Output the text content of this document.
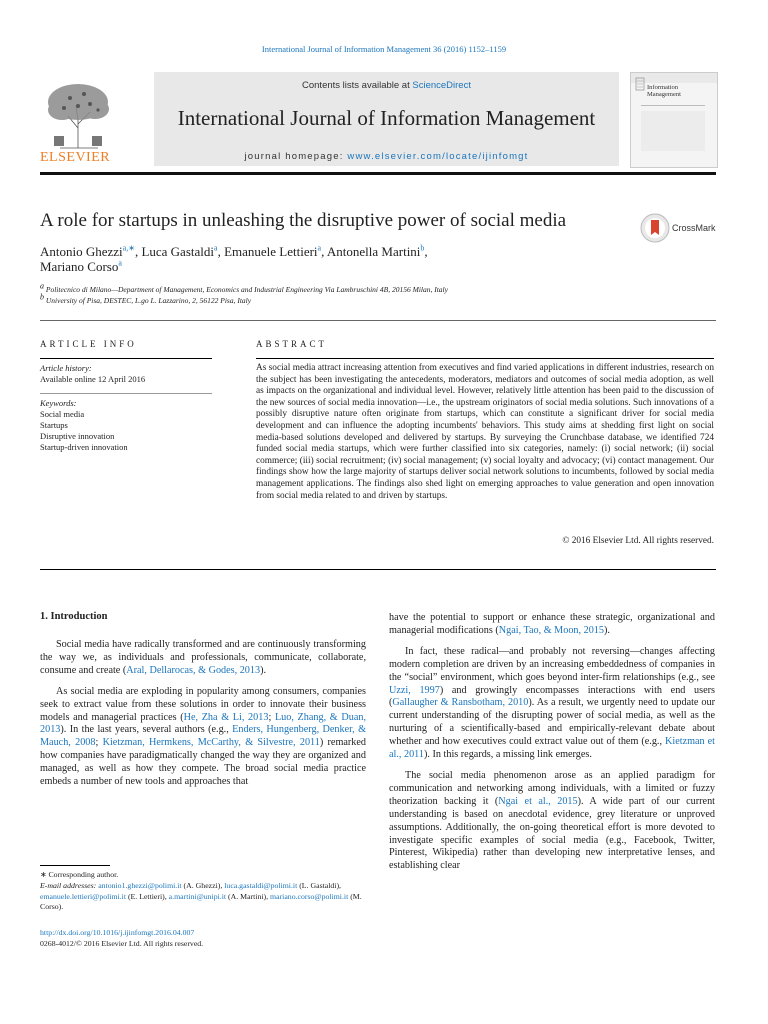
International Journal of Information Management 36 (2016) 1152–1159
ELSEVIER
Contents lists available at ScienceDirect
International Journal of Information Management
journal homepage: www.elsevier.com/locate/ijinfomgt
Information
Management
A role for startups in unleashing the disruptive power of social media	CrossMark
Antonio Ghezzi$^{a,∗}$, Luca Gastaldi$^a$, Emanuele Lettieri$^a$, Antonella Martini$^b$,
Mariano Corso$^a$
$^a$ Politecnico di Milano—Department of Management, Economics and Industrial Engineering Via Lambruschini 4B, 20156 Milan, Italy
$^b$ University of Pisa, DESTEC, L.go L. Lazzarino, 2, 56122 Pisa, Italy
ARTICLE INFO
Article history:
Available online 12 April 2016
Keywords:
Social media
Startups
Disruptive innovation
Startup-driven innovation
ABSTRACT
As social media attract increasing attention from executives and find varied applications in different industries, research on the subject has been investigating the antecedents, moderators, mediators and outcomes of social media adoption, as well as impacts on the organizational and individual level. However, relatively little attention has been paid to the discussion of the new sources of social media innovation—i.e., the upstream originators of social media solutions. Such innovations of a possibly disruptive nature often originate from startups, which can constitute a significant driver for social media development and can influence the adopting incumbents' behaviors. This study aims at shedding first light on social media-based solutions developed and delivered by startups. By surveying the Crunchbase database, we identified 724 funded social media startups, which were further classified into six categories, namely: (i) social network; (ii) social commerce; (iii) social recruitment; (iv) social management; (v) social loyalty and advocacy; (vi) contact management. Our findings show how the large majority of startups deliver social network solutions to incumbents, followed by social media management applications. The findings also shed light on emerging approaches to value generation and open innovation from social media related to and driven by startups.
© 2016 Elsevier Ltd. All rights reserved.
1. Introduction

Social media have radically transformed and are continuously transforming the way we, as individuals and professionals, communicate, collaborate, consume and create (Aral, Dellarocas, & Godes, 2013).

As social media are exploding in popularity among consumers, companies seek to extract value from these solutions in order to innovate their business models and managerial practices (He, Zha & Li, 2013; Luo, Zhang, & Duan, 2013). In the last years, several authors (e.g., Enders, Hungenberg, Denker, & Mauch, 2008; Kietzman, Hermkens, McCarthy, & Silvestre, 2011) remarked how companies have paradigmatically changed the way they are organized and managed, as well as how they compete. The broad social media practice embeds a number of new tools and approaches that

have the potential to support or enhance these strategic, organizational and managerial modifications (Ngai, Tao, & Moon, 2015).

In fact, these radical—and probably not reversing—changes affecting modern completion are driven by an increasing embeddedness of companies in the “social” environment, which goes beyond inter-firm relationships (e.g., see Uzzi, 1997) and growingly encompasses interactions with end users (Gallaugher & Ransbotham, 2010). As a result, we urgently need to update our current understanding of the disrupting power of social media, as well as the nurturing of a scientifically-based and empirically-relevant debate about whether and how executives could extract value out of them (e.g., Kietzman et al., 2011). In this regards, a missing link emerges.

The social media phenomenon arose as an applied paradigm for communication and networking among individuals, with a limited or fuzzy theorization backing it (Ngai et al., 2015). A wide part of our current understanding is based on anecdotal evidence, grey literature or unproved assumptions. Additionally, the on-going theoretical effort is more devoted to investigate specific examples of social media (e.g., Facebook, Twitter, Pinterest, Wikipedia) rather than developing new interpretative lenses, and establishing clear

∗ Corresponding author.
E-mail addresses: antonio1.ghezzi@polimi.it (A. Ghezzi), luca.gastaldi@polimi.it (L. Gastaldi), emanuele.lettieri@polimi.it (E. Lettieri), a.martini@unipi.it (A. Martini), mariano.corso@polimi.it (M. Corso).
http://dx.doi.org/10.1016/j.ijinfomgt.2016.04.007
0268-4012/© 2016 Elsevier Ltd. All rights reserved.
